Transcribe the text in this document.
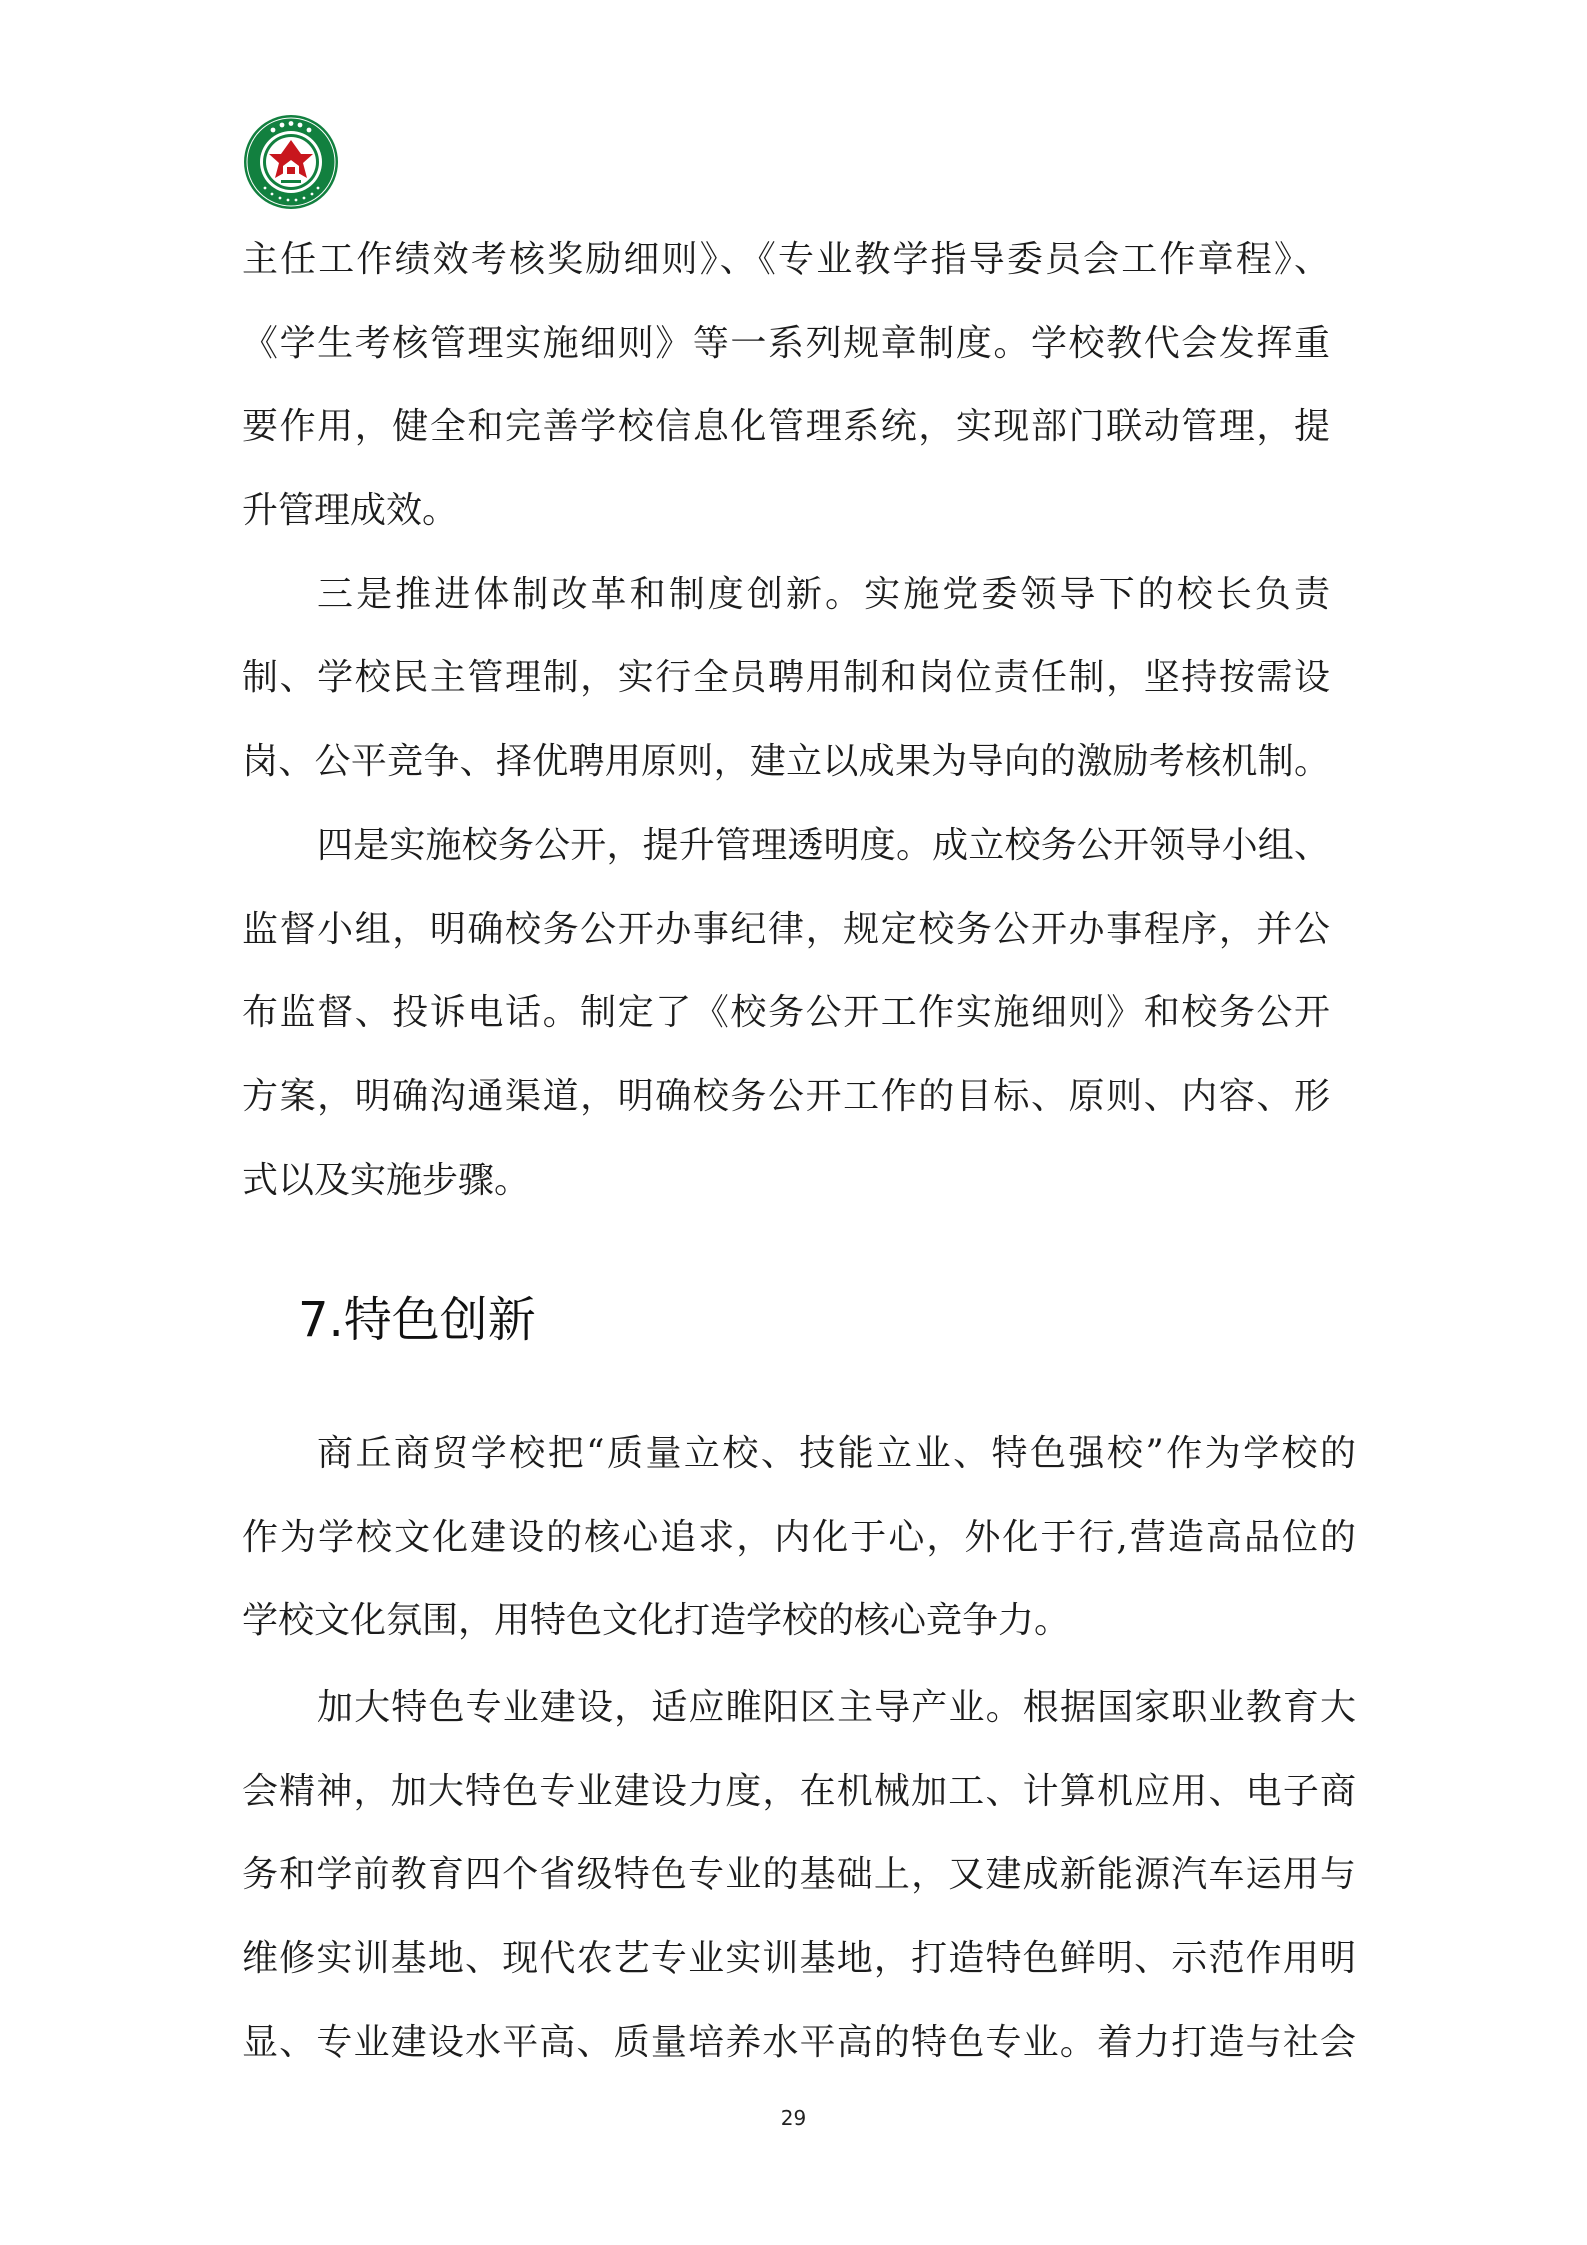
主任工作绩效考核奖励细则》、《专业教学指导委员会工作章程》、
《学生考核管理实施细则》等一系列规章制度。学校教代会发挥重
要作用，健全和完善学校信息化管理系统，实现部门联动管理，提
升管理成效。
三是推进体制改革和制度创新。实施党委领导下的校长负责
制、学校民主管理制，实行全员聘用制和岗位责任制，坚持按需设
岗、公平竞争、择优聘用原则，建立以成果为导向的激励考核机制。
四是实施校务公开，提升管理透明度。成立校务公开领导小组、
监督小组，明确校务公开办事纪律，规定校务公开办事程序，并公
布监督、投诉电话。制定了《校务公开工作实施细则》和校务公开
方案，明确沟通渠道，明确校务公开工作的目标、原则、内容、形
式以及实施步骤。
7.特色创新
商丘商贸学校把“质量立校、技能立业、特色强校”作为学校的
作为学校文化建设的核心追求，内化于心，外化于行,营造高品位的
学校文化氛围，用特色文化打造学校的核心竞争力。
加大特色专业建设，适应睢阳区主导产业。根据国家职业教育大
会精神，加大特色专业建设力度，在机械加工、计算机应用、电子商
务和学前教育四个省级特色专业的基础上，又建成新能源汽车运用与
维修实训基地、现代农艺专业实训基地，打造特色鲜明、示范作用明
显、专业建设水平高、质量培养水平高的特色专业。着力打造与社会
29
